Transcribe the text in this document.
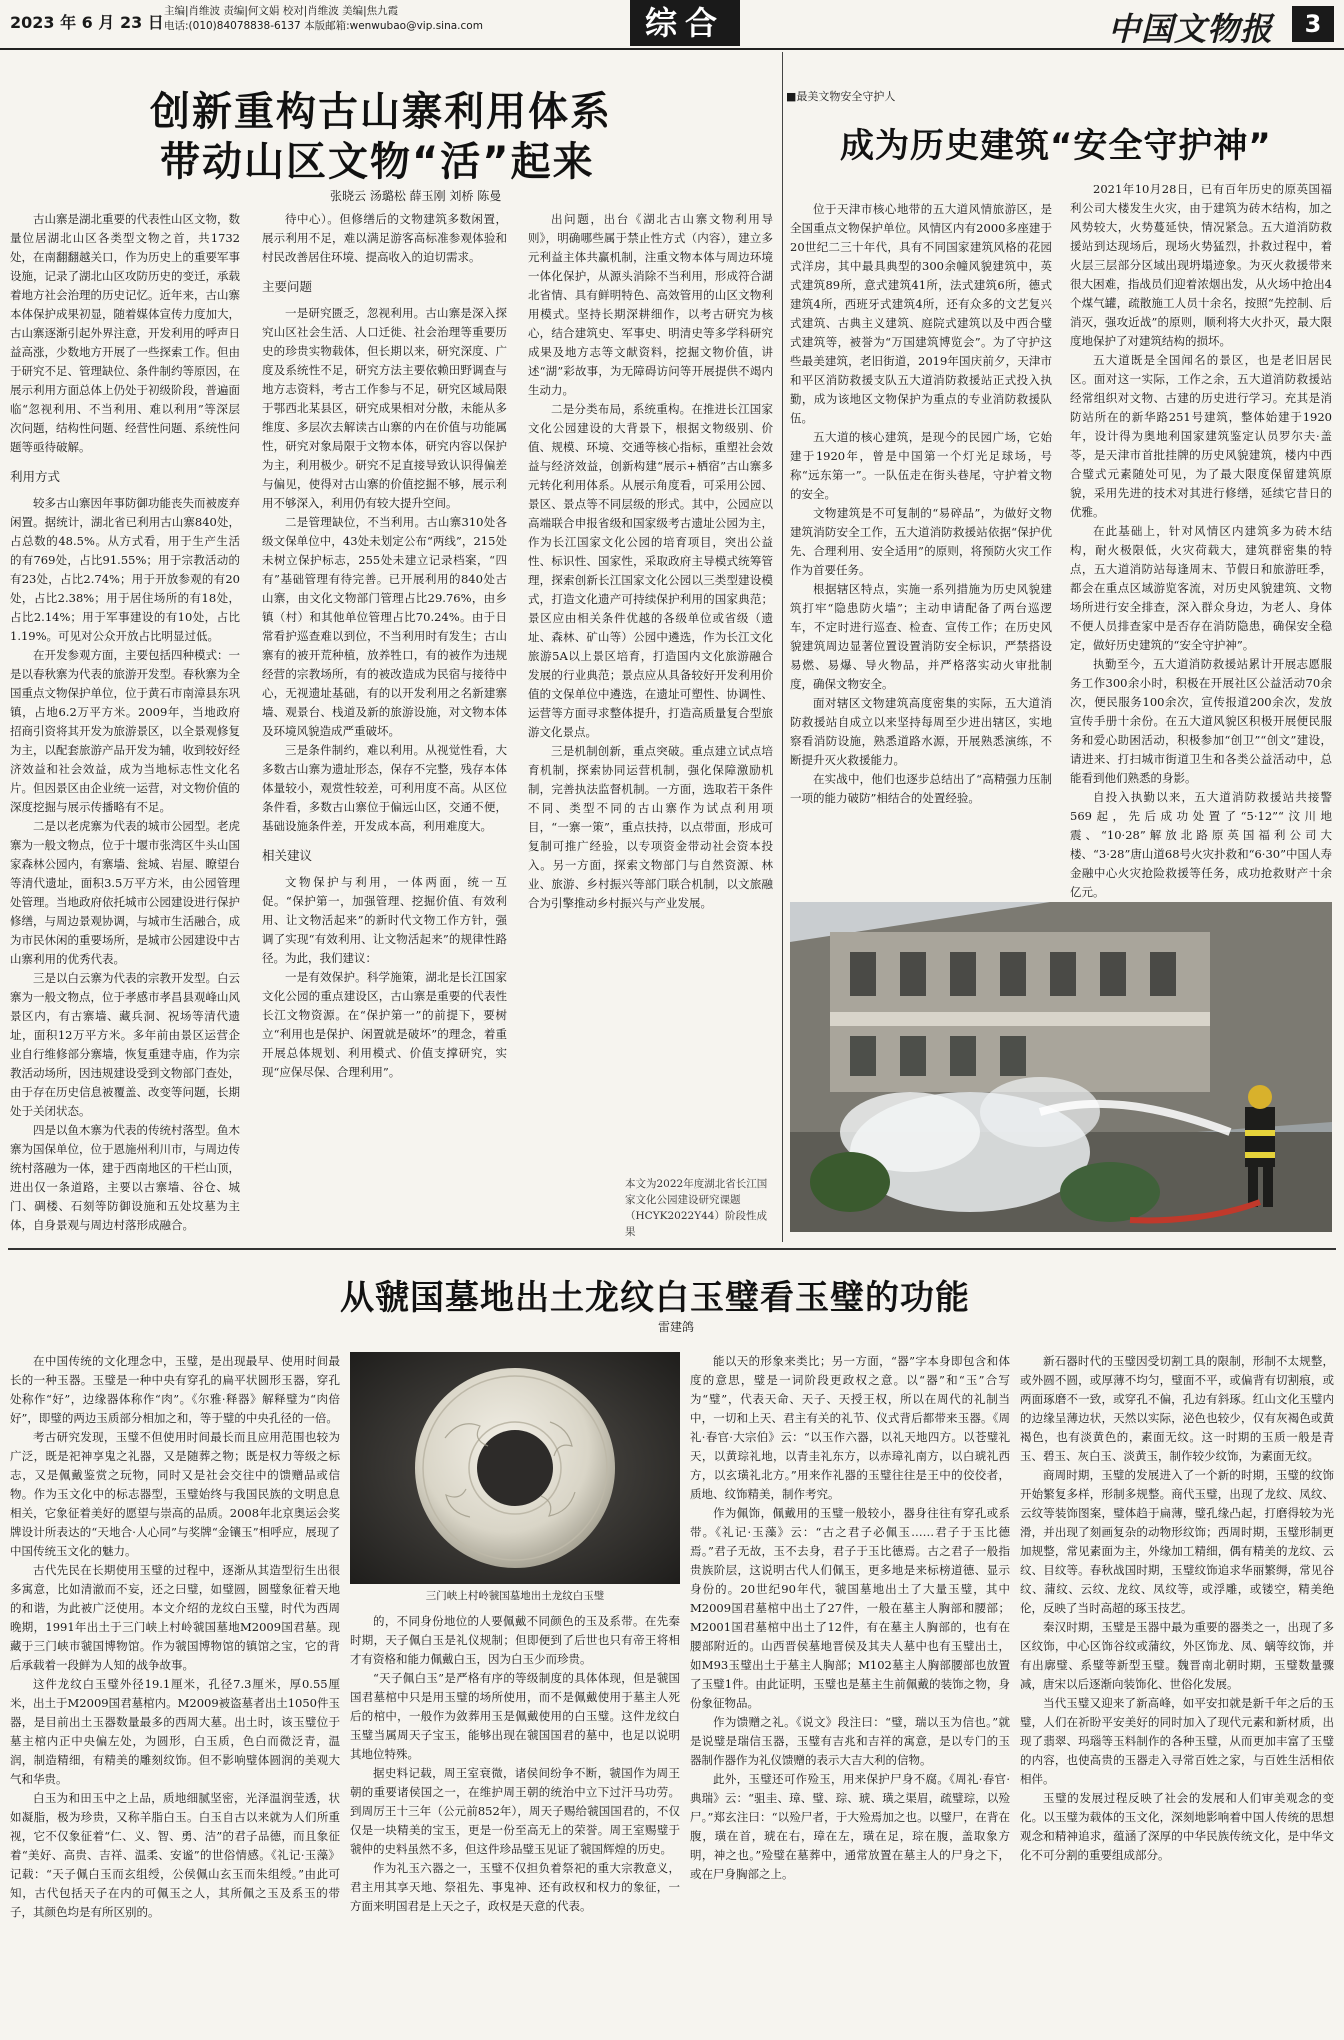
2023 年 6 月 23 日
主编|肖维波 责编|何文娟 校对|肖维波 美编|焦九霞
电话:(010)84078838-6137 本版邮箱:wenwubao@vip.sina.com	综合	中国文物报	3
创新重构古山寨利用体系
带动山区文物“活”起来
张晓云 汤璐松 薛玉刚 刘桥 陈曼

古山寨是湖北重要的代表性山区文物，数量位居湖北山区各类型文物之首，共1732处，在南翻翻越关口，作为历史上的重要军事设施，记录了湖北山区攻防历史的变迁，承载着地方社会治理的历史记忆。近年来，古山寨本体保护成果初显，随着媒体宣传力度加大，古山寨逐渐引起外界注意，开发利用的呼声日益高涨，少数地方开展了一些探索工作。但由于研究不足、管理缺位、条件制约等原因，在展示利用方面总体上仍处于初级阶段，普遍面临“忽视利用、不当利用、难以利用”等深层次问题，结构性问题、经营性问题、系统性问题等亟待破解。

利用方式

较多古山寨因年事防御功能丧失而被废弃闲置。据统计，湖北省已利用古山寨840处，占总数的48.5%。从方式看，用于生产生活的有769处，占比91.55%；用于宗教活动的有23处，占比2.74%；用于开放参观的有20处，占比2.38%；用于居住场所的有18处，占比2.14%；用于军事建设的有10处，占比1.19%。可见对公众开放占比明显过低。

在开发参观方面，主要包括四种模式：一是以春秋寨为代表的旅游开发型。春秋寨为全国重点文物保护单位，位于黄石市南漳县东巩镇，占地6.2万平方米。2009年，当地政府招商引资将其开发为旅游景区，以全景观修复为主，以配套旅游产品开发为辅，收到较好经济效益和社会效益，成为当地标志性文化名片。但因景区由企业统一运营，对文物价值的深度挖掘与展示传播略有不足。

二是以老虎寨为代表的城市公园型。老虎寨为一般文物点，位于十堰市张湾区牛头山国家森林公园内，有寨墙、瓮城、岩屋、瞭望台等清代遗址，面积3.5万平方米，由公园管理处管理。当地政府依托城市公园建设进行保护修缮，与周边景观协调，与城市生活融合，成为市民休闲的重要场所，是城市公园建设中古山寨利用的优秀代表。

三是以白云寨为代表的宗教开发型。白云寨为一般文物点，位于孝感市孝昌县观峰山风景区内，有古寨墙、藏兵洞、祝场等清代遗址，面积12万平方米。多年前由景区运营企业自行维修部分寨墙，恢复重建寺庙，作为宗教活动场所，因违规建设受到文物部门查处，由于存在历史信息被覆盖、改变等问题，长期处于关闭状态。

四是以鱼木寨为代表的传统村落型。鱼木寨为国保单位，位于恩施州利川市，与周边传统村落融为一体，建于西南地区的干栏山顶，进出仅一条道路，主要以古寨墙、谷仓、城门、碉楼、石刻等防御设施和五处坟墓为主体，自身景观与周边村落形成融合。

待中心）。但修缮后的文物建筑多数闲置，展示利用不足，难以满足游客高标准参观体验和村民改善居住环境、提高收入的迫切需求。

主要问题

一是研究匮乏，忽视利用。古山寨是深入探究山区社会生活、人口迁徙、社会治理等重要历史的珍贵实物载体，但长期以来，研究深度、广度及系统性不足，研究方法主要依赖田野调查与地方志资料，考古工作参与不足，研究区域局限于鄂西北某县区，研究成果相对分散，未能从多维度、多层次去解读古山寨的内在价值与功能属性，研究对象局限于文物本体，研究内容以保护为主，利用极少。研究不足直接导致认识得偏差与偏见，使得对古山寨的价值挖掘不够，展示利用不够深入，利用仍有较大提升空间。

二是管理缺位，不当利用。古山寨310处各级文保单位中，43处未划定公布“两线”，215处未树立保护标志，255处未建立记录档案，“四有”基础管理有待完善。已开展利用的840处古山寨，由文化文物部门管理占比29.76%，由乡镇（村）和其他单位管理占比70.24%。由于日常看护巡查难以到位，不当利用时有发生；古山寨有的被开荒种植，放养牲口，有的被作为违规经营的宗教场所，有的被改造成为民宿与接待中心，无视遗址基础，有的以开发利用之名新建寨墙、观景台、栈道及新的旅游设施，对文物本体及环境风貌造成严重破坏。

三是条件制约，难以利用。从视觉性看，大多数古山寨为遗址形态，保存不完整，残存本体体量较小，观赏性较差，可利用度不高。从区位条件看，多数古山寨位于偏远山区，交通不便，基础设施条件差，开发成本高，利用难度大。

相关建议

文物保护与利用，一体两面，统一互促。“保护第一，加强管理、挖掘价值、有效利用、让文物活起来”的新时代文物工作方针，强调了实现“有效利用、让文物活起来”的规律性路径。为此，我们建议：

一是有效保护。科学施策，湖北是长江国家文化公园的重点建设区，古山寨是重要的代表性长江文物资源。在“保护第一”的前提下，要树立“利用也是保护、闲置就是破坏”的理念，着重开展总体规划、利用模式、价值支撑研究，实现“应保尽保、合理利用”。

出问题，出台《湖北古山寨文物利用导则》，明确哪些属于禁止性方式（内容），建立多元利益主体共赢机制，注重文物本体与周边环境一体化保护，从源头消除不当利用，形成符合湖北省情、具有鲜明特色、高效管用的山区文物利用模式。坚持长期深耕细作，以考古研究为核心，结合建筑史、军事史、明清史等多学科研究成果及地方志等文献资料，挖掘文物价值，讲述“湖”彩故事，为无障碍访问等开展提供不竭内生动力。

二是分类布局，系统重构。在推进长江国家文化公园建设的大背景下，根据文物级别、价值、规模、环境、交通等核心指标，重塑社会效益与经济效益，创新构建“展示+栖宿”古山寨多元转化利用体系。从展示角度看，可采用公园、景区、景点等不同层级的形式。其中，公园应以高端联合申报省级和国家级考古遗址公园为主，作为长江国家文化公园的培育项目，突出公益性、标识性、国家性，采取政府主导模式统筹管理，探索创新长江国家文化公园以三类型建设模式，打造文化遗产可持续保护利用的国家典范；景区应由相关条件优越的各级单位或省级（遗址、森林、矿山等）公园中遴选，作为长江文化旅游5A以上景区培育，打造国内文化旅游融合发展的行业典范；景点应从具备较好开发利用价值的文保单位中遴选，在遗址可塑性、协调性、运营等方面寻求整体提升，打造高质量复合型旅游文化景点。

三是机制创新，重点突破。重点建立试点培育机制，探索协同运营机制，强化保障激励机制，完善执法监督机制。一方面，选取若干条件不同、类型不同的古山寨作为试点利用项目，“一寨一策”，重点扶持，以点带面，形成可复制可推广经验，以专项资金带动社会资本投入。另一方面，探索文物部门与自然资源、林业、旅游、乡村振兴等部门联合机制，以文旅融合为引擎推动乡村振兴与产业发展。

本文为2022年度湖北省长江国家文化公园建设研究课题（HCYK2022Y44）阶段性成果
■最美文物安全守护人
成为历史建筑“安全守护神”

位于天津市核心地带的五大道风情旅游区，是全国重点文物保护单位。风情区内有2000多座建于20世纪二三十年代，具有不同国家建筑风格的花园式洋房，其中最具典型的300余幢风貌建筑中，英式建筑89所，意式建筑41所，法式建筑6所，德式建筑4所，西班牙式建筑4所，还有众多的文艺复兴式建筑、古典主义建筑、庭院式建筑以及中西合璧式建筑等，被誉为“万国建筑博览会”。为了守护这些最美建筑，老旧街道，2019年国庆前夕，天津市和平区消防救援支队五大道消防救援站正式投入执勤，成为该地区文物保护为重点的专业消防救援队伍。

五大道的核心建筑，是现今的民园广场，它始建于1920年，曾是中国第一个灯光足球场，号称“远东第一”。一队伍走在街头巷尾，守护着文物的安全。

文物建筑是不可复制的“易碎品”，为做好文物建筑消防安全工作，五大道消防救援站依据“保护优先、合理利用、安全适用”的原则，将预防火灾工作作为首要任务。

根据辖区特点，实施一系列措施为历史风貌建筑打牢“隐患防火墙”；主动申请配备了两台巡逻车，不定时进行巡查、检查、宣传工作；在历史风貌建筑周边显著位置设置消防安全标识，严禁搭设易燃、易爆、导火物品，并严格落实动火审批制度，确保文物安全。

面对辖区文物建筑高度密集的实际，五大道消防救援站自成立以来坚持每周至少进出辖区，实地察看消防设施，熟悉道路水源，开展熟悉演练，不断提升灭火救援能力。

在实战中，他们也逐步总结出了“高精强力压制一项的能力破防”相结合的处置经验。

2021年10月28日，已有百年历史的原英国福利公司大楼发生火灾，由于建筑为砖木结构，加之风势较大，火势蔓延快，情况紧急。五大道消防救援站到达现场后，现场火势猛烈，扑救过程中，着火层三层部分区域出现坍塌迹象。为灭火救援带来很大困难，指战员们迎着浓烟出发，从火场中抢出4个煤气罐，疏散施工人员十余名，按照“先控制、后消灭，强攻近战”的原则，顺利将大火扑灭，最大限度地保护了对建筑结构的损坏。

五大道既是全国闻名的景区，也是老旧居民区。面对这一实际，工作之余，五大道消防救援站经常组织对文物、古建的历史进行学习。充其是消防站所在的新华路251号建筑，整体始建于1920年，设计得为奥地利国家建筑鉴定认员罗尔夫·盖苓，是天津市首批挂牌的历史风貌建筑，楼内中西合璧式元素随处可见，为了最大限度保留建筑原貌，采用先进的技术对其进行修缮，延续它昔日的优雅。

在此基础上，针对风情区内建筑多为砖木结构，耐火极限低，火灾荷载大，建筑群密集的特点，五大道消防站每逢周末、节假日和旅游旺季，都会在重点区域游览客流，对历史风貌建筑、文物场所进行安全排查，深入群众身边，为老人、身体不便人员排查家中是否存在消防隐患，确保安全稳定，做好历史建筑的“安全守护神”。

执勤至今，五大道消防救援站累计开展志愿服务工作300余小时，积极在开展社区公益活动70余次，便民服务100余次，宣传报道200余次，发放宣传手册十余份。在五大道风貌区积极开展便民服务和爱心助困活动，积极参加“创卫”“创文”建设，请进来、打扫城市街道卫生和各类公益活动中，总能看到他们熟悉的身影。

自投入执勤以来，五大道消防救援站共接警569起，先后成功处置了“5·12”“汶川地震、“10·28”解放北路原英国福利公司大楼、“3·28”唐山道68号火灾扑救和“6·30”中国人寿金融中心火灾抢险救援等任务，成功抢救财产十余亿元。

从虢国墓地出土龙纹白玉璧看玉璧的功能
雷建鸽

在中国传统的文化理念中，玉璧，是出现最早、使用时间最长的一种玉器。玉璧是一种中央有穿孔的扁平状圆形玉器，穿孔处称作“好”，边缘器体称作“肉”。《尔雅·释器》解释璧为“肉倍好”，即璧的两边玉质部分相加之和，等于璧的中央孔径的一倍。

考古研究发现，玉璧不但使用时间最长而且应用范围也较为广泛，既是祀神享鬼之礼器，又是随葬之物；既是权力等级之标志，又是佩戴鉴赏之玩物，同时又是社会交往中的馈赠品或信物。作为玉文化中的标志器型，玉璧始终与我国民族的文明息息相关，它象征着美好的愿望与崇高的品质。2008年北京奥运会奖牌设计所表达的“天地合·人心同”与奖牌“金镶玉”相呼应，展现了中国传统玉文化的魅力。

古代先民在长期使用玉璧的过程中，逐渐从其造型衍生出很多寓意，比如清澈而不妄，还之曰璧，如璧圆，圆璧象征着天地的和谐，为此被广泛使用。本文介绍的龙纹白玉璧，时代为西周晚期，1991年出土于三门峡上村岭虢国墓地M2009国君墓。现藏于三门峡市虢国博物馆。作为虢国博物馆的镇馆之宝，它的背后承载着一段鲜为人知的战争故事。

这件龙纹白玉璧外径19.1厘米，孔径7.3厘米，厚0.55厘米，出土于M2009国君墓棺内。M2009被盗墓者出土1050件玉器，是目前出土玉器数量最多的西周大墓。出土时，该玉璧位于墓主棺内正中央偏左处，为圆形，白玉质，色白而微泛青，温润，制造精细，有精美的雕刻纹饰。但不影响璧体圆润的美观大气和华贵。

白玉为和田玉中之上品，质地细腻坚密，光泽温润莹透，状如凝脂，极为珍贵，又称羊脂白玉。白玉自古以来就为人们所重视，它不仅象征着“仁、义、智、勇、洁”的君子品德，而且象征着“美好、高贵、吉祥、温柔、安谧”的世俗情感。《礼记·玉藻》记载：“天子佩白玉而玄组绶，公侯佩山玄玉而朱组绶。”由此可知，古代包括天子在内的可佩玉之人，其所佩之玉及系玉的带子，其颜色均是有所区别的。

三门峡上村岭虢国墓地出土龙纹白玉璧

的，不同身份地位的人要佩戴不同颜色的玉及系带。在先秦时期，天子佩白玉是礼仪规制；但即便到了后世也只有帝王将相才有资格和能力佩戴白玉，因为白玉少而珍贵。

“天子佩白玉”是严格有序的等级制度的具体体现，但是虢国国君墓棺中只是用玉璧的场所使用，而不是佩戴使用于墓主人死后的棺中，一般作为敛葬用玉是佩戴使用的白玉璧。这件龙纹白玉璧当属周天子宝玉，能够出现在虢国国君的墓中，也足以说明其地位特殊。

据史料记载，周王室衰微，诸侯间纷争不断，虢国作为周王朝的重要诸侯国之一，在维护周王朝的统治中立下过汗马功劳。到周厉王十三年（公元前852年），周天子赐给虢国国君的，不仅仅是一块精美的宝玉，更是一份至高无上的荣誉。周王室赐璧于虢仲的史料虽然不多，但这件珍品璧玉见证了虢国辉煌的历史。

作为礼玉六器之一，玉璧不仅担负着祭祀的重大宗教意义，君主用其享天地、祭祖先、事鬼神、还有政权和权力的象征，一方面来明国君是上天之子，政权是天意的代表。

能以天的形象来类比；另一方面，“器”字本身即包含和体度的意思，璧是一词阶段更政权之意。以“器”和“玉”合写为“璧”，代表天命、天子、天授王权，所以在周代的礼制当中，一切和上天、君主有关的礼节、仪式背后都带来玉器。《周礼·春官·大宗伯》云：“以玉作六器，以礼天地四方。以苍璧礼天，以黄琮礼地，以青圭礼东方，以赤璋礼南方，以白琥礼西方，以玄璜礼北方。”用来作礼器的玉璧往往是王中的佼佼者，质地、纹饰精美，制作考究。

作为佩饰，佩戴用的玉璧一般较小，器身往往有穿孔或系带。《礼记·玉藻》云：“古之君子必佩玉……君子于玉比德焉。”君子无故，玉不去身，君子于玉比德焉。古之君子一般指贵族阶层，这说明古代人们佩玉，更多地是来标榜道德、显示身份的。20世纪90年代，虢国墓地出土了大量玉璧，其中M2009国君墓棺中出土了27件，一般在墓主人胸部和腰部；M2001国君墓棺中出土了12件，有在墓主人胸部的，也有在腰部附近的。山西晋侯墓地晋侯及其夫人墓中也有玉璧出土，如M93玉璧出土于墓主人胸部；M102墓主人胸部腰部也放置了玉璧1件。由此证明，玉璧也是墓主生前佩戴的装饰之物，身份象征物品。

作为馈赠之礼。《说文》段注曰：“璧，瑞以玉为信也。”就是说璧是瑞信玉器，玉璧有吉兆和吉祥的寓意，是以专门的玉器制作器作为礼仪馈赠的表示大吉大利的信物。

此外，玉璧还可作殓玉，用来保护尸身不腐。《周礼·春官·典瑞》云：“驵圭、璋、璧、琮、琥、璜之渠眉，疏璧琮，以殓尸。”郑玄注曰：“以殓尸者，于大殓焉加之也。以璧尸，在背在腹，璜在首，琥在右，璋在左，璜在足，琮在腹，盖取象方明，神之也。”殓璧在墓葬中，通常放置在墓主人的尸身之下，或在尸身胸部之上。

新石器时代的玉璧因受切割工具的限制，形制不太规整，或外圆不圆，或厚薄不均匀，璧面不平，或偏背有切割痕，或两面琢磨不一致，或穿孔不偏，孔边有斜琢。红山文化玉璧内的边缘呈薄边状，天然以实际，泌色也较少，仅有灰褐色或黄褐色，也有淡黄色的，素面无纹。这一时期的玉质一般是青玉、碧玉、灰白玉、淡黄玉，制作较少纹饰，为素面无纹。

商周时期，玉璧的发展进入了一个新的时期，玉璧的纹饰开始繁复多样，形制多规整。商代玉璧，出现了龙纹、凤纹、云纹等装饰图案，璧体趋于扁薄，璧孔缘凸起，打磨得较为光滑，并出现了刻画复杂的动物形纹饰；西周时期，玉璧形制更加规整，常见素面为主，外缘加工精细，偶有精美的龙纹、云纹、目纹等。春秋战国时期，玉璧纹饰追求华丽繁缛，常见谷纹、蒲纹、云纹、龙纹、凤纹等，或浮雕，或镂空，精美绝伦，反映了当时高超的琢玉技艺。

秦汉时期，玉璧是玉器中最为重要的器类之一，出现了多区纹饰，中心区饰谷纹或蒲纹，外区饰龙、凤、螭等纹饰，并有出廓璧、系璧等新型玉璧。魏晋南北朝时期，玉璧数量骤减，唐宋以后逐渐向装饰化、世俗化发展。

当代玉璧又迎来了新高峰，如平安扣就是新千年之后的玉璧，人们在祈盼平安美好的同时加入了现代元素和新材质，出现了翡翠、玛瑙等玉料制作的各种玉璧，从而更加丰富了玉璧的内容，也使高贵的玉器走入寻常百姓之家，与百姓生活相依相伴。

玉璧的发展过程反映了社会的发展和人们审美观念的变化。以玉璧为载体的玉文化，深刻地影响着中国人传统的思想观念和精神追求，蕴涵了深厚的中华民族传统文化，是中华文化不可分割的重要组成部分。
